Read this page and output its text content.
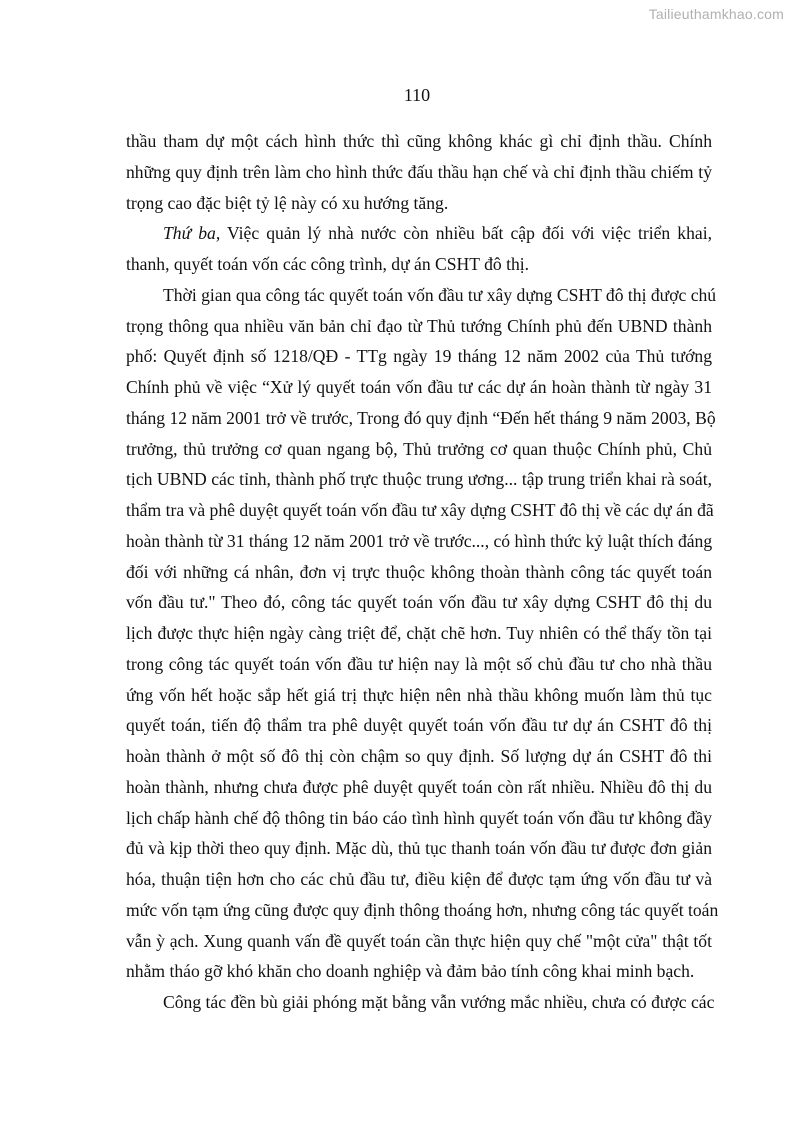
Tailieuthamkhao.com
110
thầu tham dự một cách hình thức thì cũng không khác gì chỉ định thầu. Chính
những quy định trên làm cho hình thức đấu thầu hạn chế và chỉ định thầu chiếm tỷ
trọng cao đặc biệt tỷ lệ này có xu hướng tăng.
Thứ ba, Việc quản lý nhà nước còn nhiều bất cập đối với việc triển khai,
thanh, quyết toán vốn các công trình, dự án CSHT đô thị.
Thời gian qua công tác quyết toán vốn đầu tư xây dựng CSHT đô thị được chú
trọng thông qua nhiều văn bản chỉ đạo từ Thủ tướng Chính phủ đến UBND thành
phố: Quyết định số 1218/QĐ - TTg ngày 19 tháng 12 năm 2002 của Thủ tướng
Chính phủ về việc “Xử lý quyết toán vốn đầu tư các dự án hoàn thành từ ngày 31
tháng 12 năm 2001 trở về trước, Trong đó quy định “Đến hết tháng 9 năm 2003, Bộ
trưởng, thủ trưởng cơ quan ngang bộ, Thủ trưởng cơ quan thuộc Chính phủ, Chủ
tịch UBND các tỉnh, thành phố trực thuộc trung ương... tập trung triển khai rà soát,
thẩm tra và phê duyệt quyết toán vốn đầu tư xây dựng CSHT đô thị về các dự án đã
hoàn thành từ 31 tháng 12 năm 2001 trở về trước..., có hình thức kỷ luật thích đáng
đối với những cá nhân, đơn vị trực thuộc không thoàn thành công tác quyết toán
vốn đầu tư." Theo đó, công tác quyết toán vốn đầu tư xây dựng CSHT đô thị du
lịch được thực hiện ngày càng triệt để, chặt chẽ hơn. Tuy nhiên có thể thấy tồn tại
trong công tác quyết toán vốn đầu tư hiện nay là một số chủ đầu tư cho nhà thầu
ứng vốn hết hoặc sắp hết giá trị thực hiện nên nhà thầu không muốn làm thủ tục
quyết toán, tiến độ thẩm tra phê duyệt quyết toán vốn đầu tư dự án CSHT đô thị
hoàn thành ở một số đô thị còn chậm so quy định. Số lượng dự án CSHT đô thi
hoàn thành, nhưng chưa được phê duyệt quyết toán còn rất nhiều. Nhiều đô thị du
lịch chấp hành chế độ thông tin báo cáo tình hình quyết toán vốn đầu tư không đầy
đủ và kịp thời theo quy định. Mặc dù, thủ tục thanh toán vốn đầu tư được đơn giản
hóa, thuận tiện hơn cho các chủ đầu tư, điều kiện để được tạm ứng vốn đầu tư và
mức vốn tạm ứng cũng được quy định thông thoáng hơn, nhưng công tác quyết toán
vẫn ỳ ạch. Xung quanh vấn đề quyết toán cần thực hiện quy chế "một cửa" thật tốt
nhằm tháo gỡ khó khăn cho doanh nghiệp và đảm bảo tính công khai minh bạch.
Công tác đền bù giải phóng mặt bằng vẫn vướng mắc nhiều, chưa có được các
